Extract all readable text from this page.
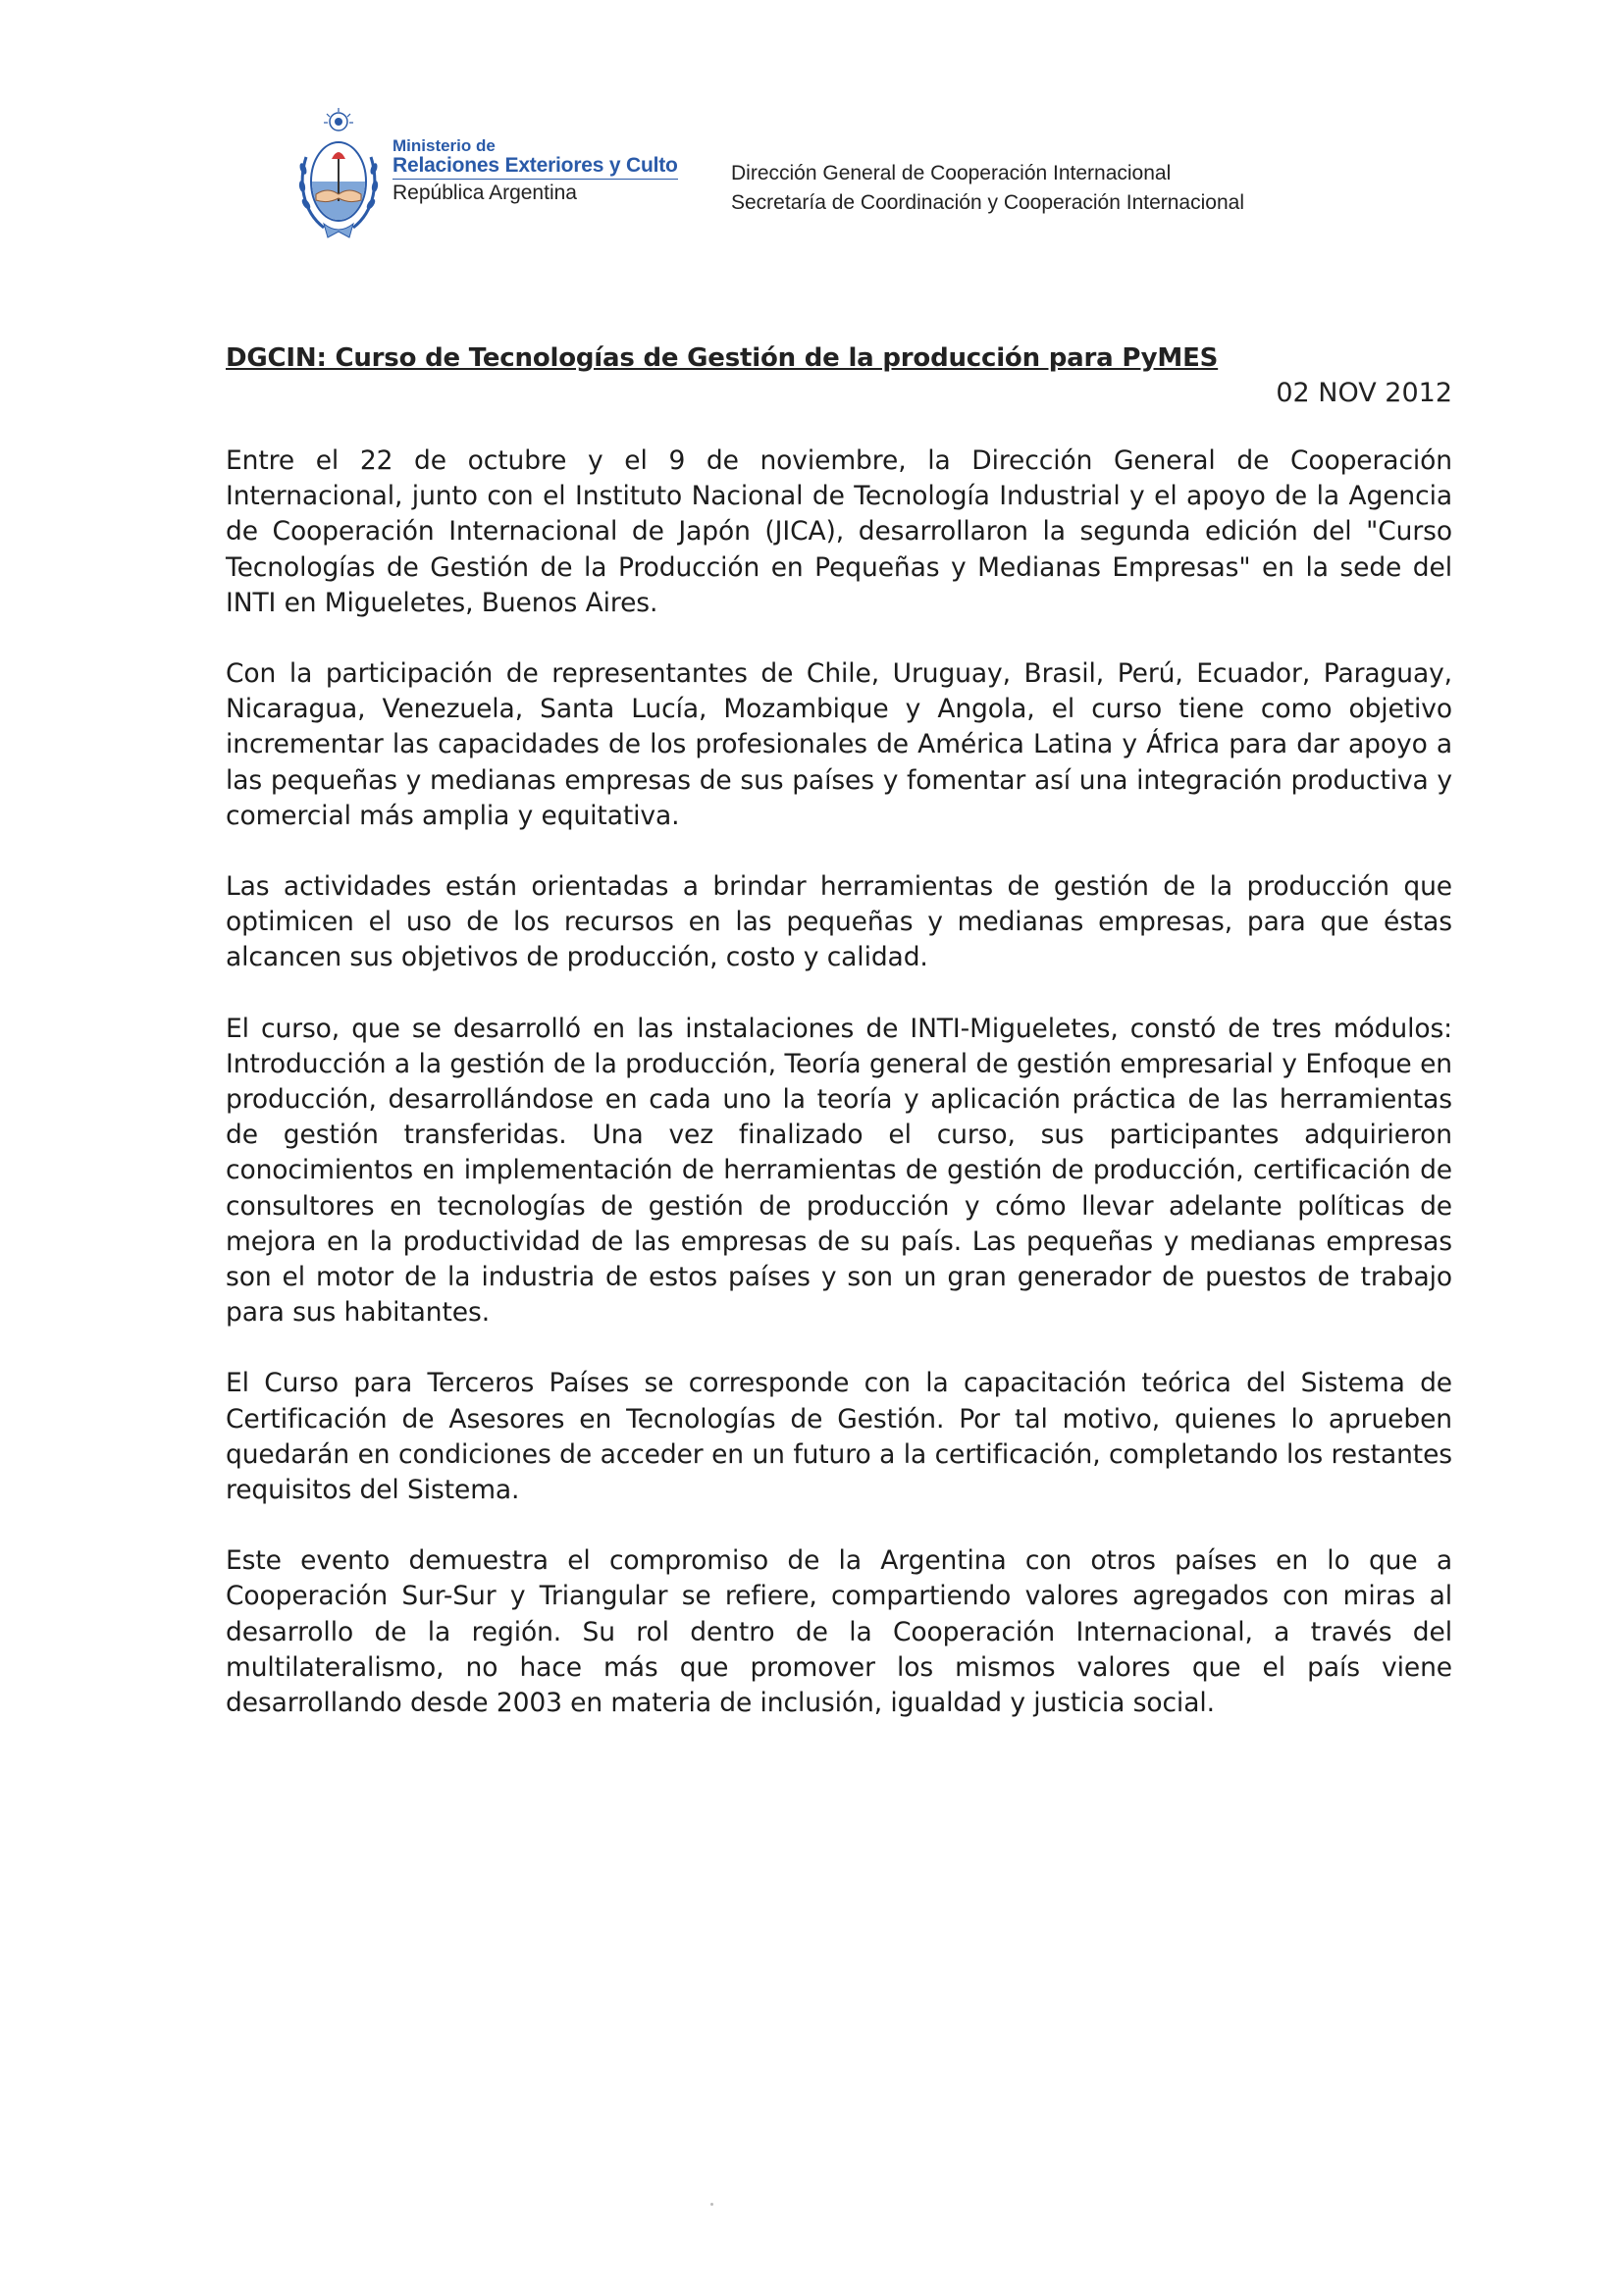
Ministerio de
Relaciones Exteriores y Culto
República Argentina
Dirección General de Cooperación Internacional
Secretaría de Coordinación y Cooperación Internacional
DGCIN: Curso de Tecnologías de Gestión de la producción para PyMES
02 NOV 2012

Entre el 22 de octubre y el 9 de noviembre, la Dirección General de Cooperación Internacional, junto con el Instituto Nacional de Tecnología Industrial y el apoyo de la Agencia de Cooperación Internacional de Japón (JICA), desarrollaron la segunda edición del "Curso Tecnologías de Gestión de la Producción en Pequeñas y Medianas Empresas" en la sede del INTI en Migueletes, Buenos Aires.

Con la participación de representantes de Chile, Uruguay, Brasil, Perú, Ecuador, Paraguay, Nicaragua, Venezuela, Santa Lucía, Mozambique y Angola, el curso tiene como objetivo incrementar las capacidades de los profesionales de América Latina y África para dar apoyo a las pequeñas y medianas empresas de sus países y fomentar así una integración productiva y comercial más amplia y equitativa.

Las actividades están orientadas a brindar herramientas de gestión de la producción que optimicen el uso de los recursos en las pequeñas y medianas empresas, para que éstas alcancen sus objetivos de producción, costo y calidad.

El curso, que se desarrolló en las instalaciones de INTI-Migueletes, constó de tres módulos: Introducción a la gestión de la producción, Teoría general de gestión empresarial y Enfoque en producción, desarrollándose en cada uno la teoría y aplicación práctica de las herramientas de gestión transferidas. Una vez finalizado el curso, sus participantes adquirieron conocimientos en implementación de herramientas de gestión de producción, certificación de consultores en tecnologías de gestión de producción y cómo llevar adelante políticas de mejora en la productividad de las empresas de su país. Las pequeñas y medianas empresas son el motor de la industria de estos países y son un gran generador de puestos de trabajo para sus habitantes.

El Curso para Terceros Países se corresponde con la capacitación teórica del Sistema de Certificación de Asesores en Tecnologías de Gestión. Por tal motivo, quienes lo aprueben quedarán en condiciones de acceder en un futuro a la certificación, completando los restantes requisitos del Sistema.

Este evento demuestra el compromiso de la Argentina con otros países en lo que a Cooperación Sur-Sur y Triangular se refiere, compartiendo valores agregados con miras al desarrollo de la región. Su rol dentro de la Cooperación Internacional, a través del multilateralismo, no hace más que promover los mismos valores que el país viene desarrollando desde 2003 en materia de inclusión, igualdad y justicia social.
